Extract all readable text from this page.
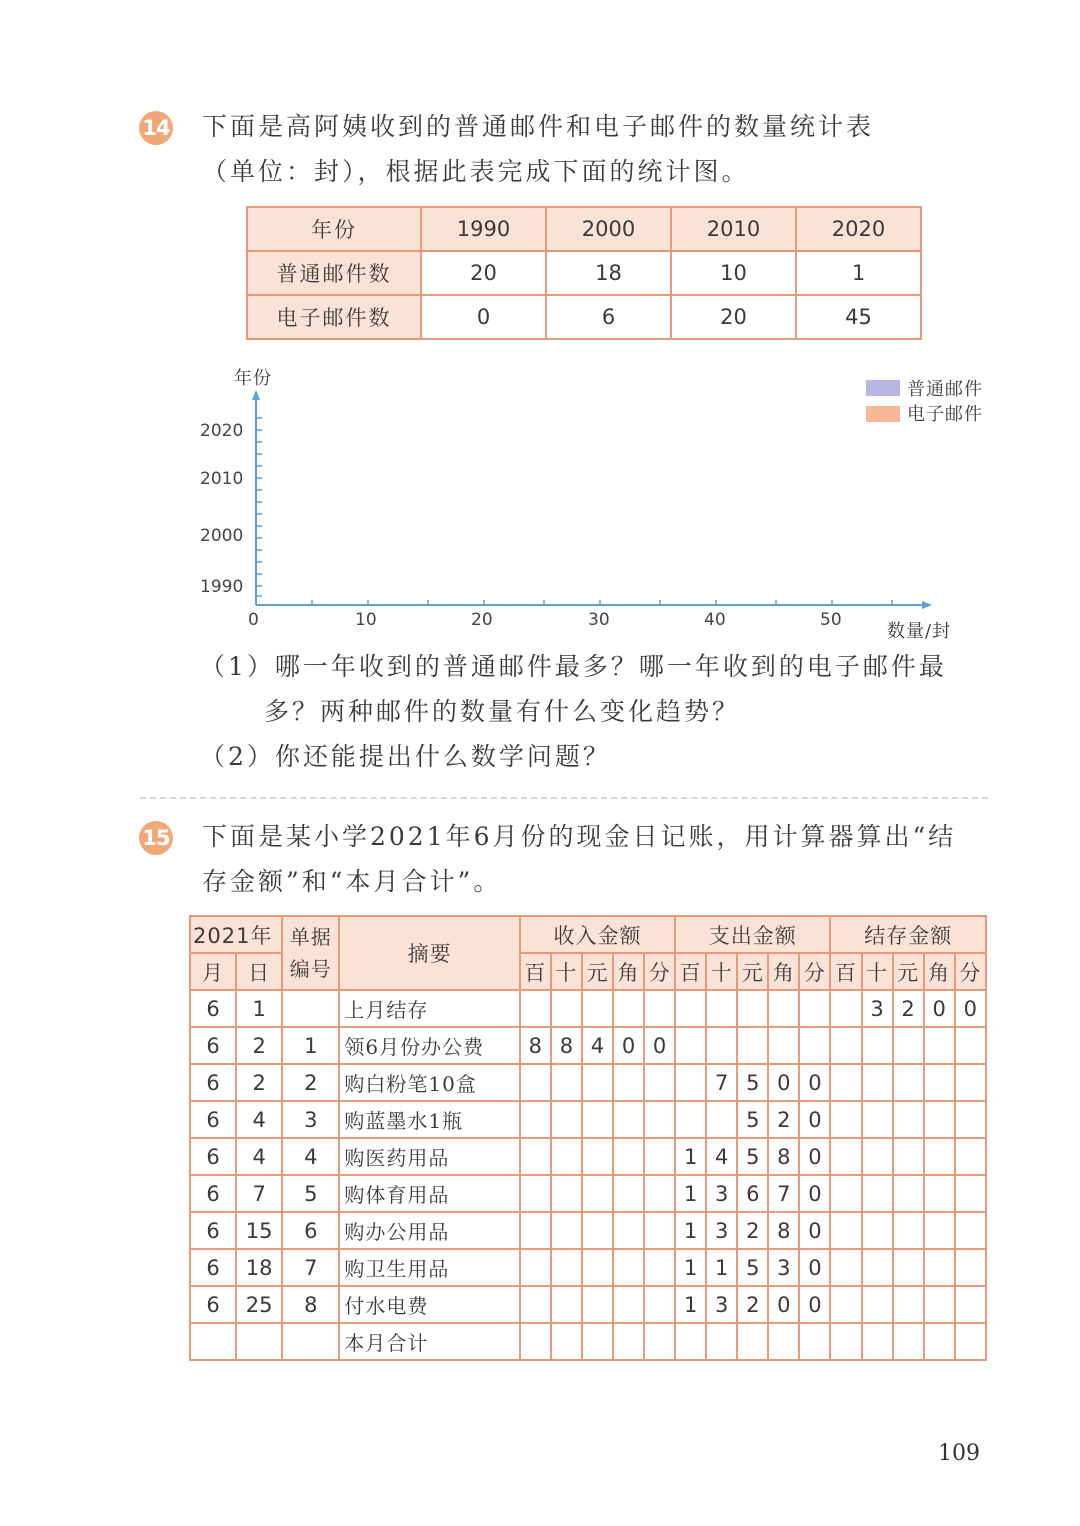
14 下面是高阿姨收到的普通邮件和电子邮件的数量统计表
（单位：封），根据此表完成下面的统计图。
年份	1990	2000	2010	2020
普通邮件数	20	18	10	1
电子邮件数	0	6	20	45
年份
2020
2010
2000
1990
0	10	20	30	40	50
数量/封
普通邮件
电子邮件
（1）哪一年收到的普通邮件最多？哪一年收到的电子邮件最
多？两种邮件的数量有什么变化趋势？
（2）你还能提出什么数学问题？
15 下面是某小学2021年6月份的现金日记账，用计算器算出“结
存金额”和“本月合计”。
2021年		单据编号	摘要	收入金额					支出金额					结存金额				
月	日			百	十	元	角	分	百	十	元	角	分	百	十	元	角	分
6	1		上月结存												3	2	0	0
6	2	1	领6月份办公费	8	8	4	0	0										
6	2	2	购白粉笔10盒							7	5	0	0					
6	4	3	购蓝墨水1瓶								5	2	0					
6	4	4	购医药用品						1	4	5	8	0					
6	7	5	购体育用品						1	3	6	7	0					
6	15	6	购办公用品						1	3	2	8	0					
6	18	7	购卫生用品						1	1	5	3	0					
6	25	8	付水电费						1	3	2	0	0					
			本月合计															
109
